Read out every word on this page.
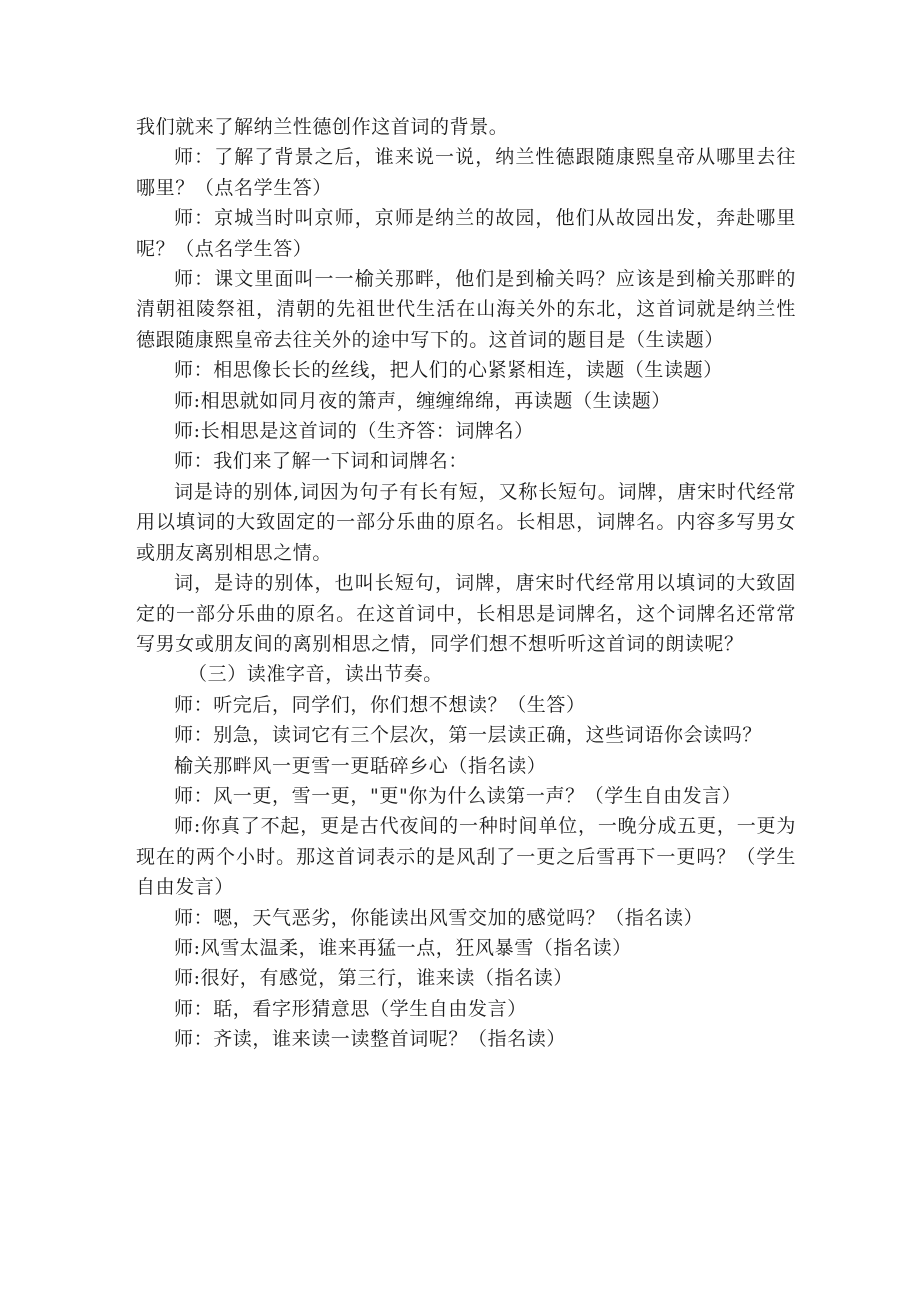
我们就来了解纳兰性德创作这首词的背景。

师：了解了背景之后，谁来说一说，纳兰性德跟随康熙皇帝从哪里去往哪里？（点名学生答）

师：京城当时叫京师，京师是纳兰的故园，他们从故园出发，奔赴哪里呢？（点名学生答）

师：课文里面叫一一榆关那畔，他们是到榆关吗？应该是到榆关那畔的清朝祖陵祭祖，清朝的先祖世代生活在山海关外的东北，这首词就是纳兰性德跟随康熙皇帝去往关外的途中写下的。这首词的题目是（生读题）

师：相思像长长的丝线，把人们的心紧紧相连，读题（生读题）

师:相思就如同月夜的箫声，缠缠绵绵，再读题（生读题）

师:长相思是这首词的（生齐答：词牌名）

师：我们来了解一下词和词牌名：

词是诗的别体,词因为句子有长有短，又称长短句。词牌，唐宋时代经常用以填词的大致固定的一部分乐曲的原名。长相思，词牌名。内容多写男女或朋友离别相思之情。

词，是诗的别体，也叫长短句，词牌，唐宋时代经常用以填词的大致固定的一部分乐曲的原名。在这首词中，长相思是词牌名，这个词牌名还常常写男女或朋友间的离别相思之情，同学们想不想听听这首词的朗读呢？

（三）读准字音，读出节奏。

师：听完后，同学们，你们想不想读？（生答）

师：别急，读词它有三个层次，第一层读正确，这些词语你会读吗？

榆关那畔风一更雪一更聒碎乡心（指名读）

师：风一更，雪一更，"更"你为什么读第一声？（学生自由发言）

师:你真了不起，更是古代夜间的一种时间单位，一晚分成五更，一更为现在的两个小时。那这首词表示的是风刮了一更之后雪再下一更吗？（学生自由发言）

师：嗯，天气恶劣，你能读出风雪交加的感觉吗？（指名读）

师:风雪太温柔，谁来再猛一点，狂风暴雪（指名读）

师:很好，有感觉，第三行，谁来读（指名读）

师：聒，看字形猜意思（学生自由发言）

师：齐读，谁来读一读整首词呢？（指名读）
